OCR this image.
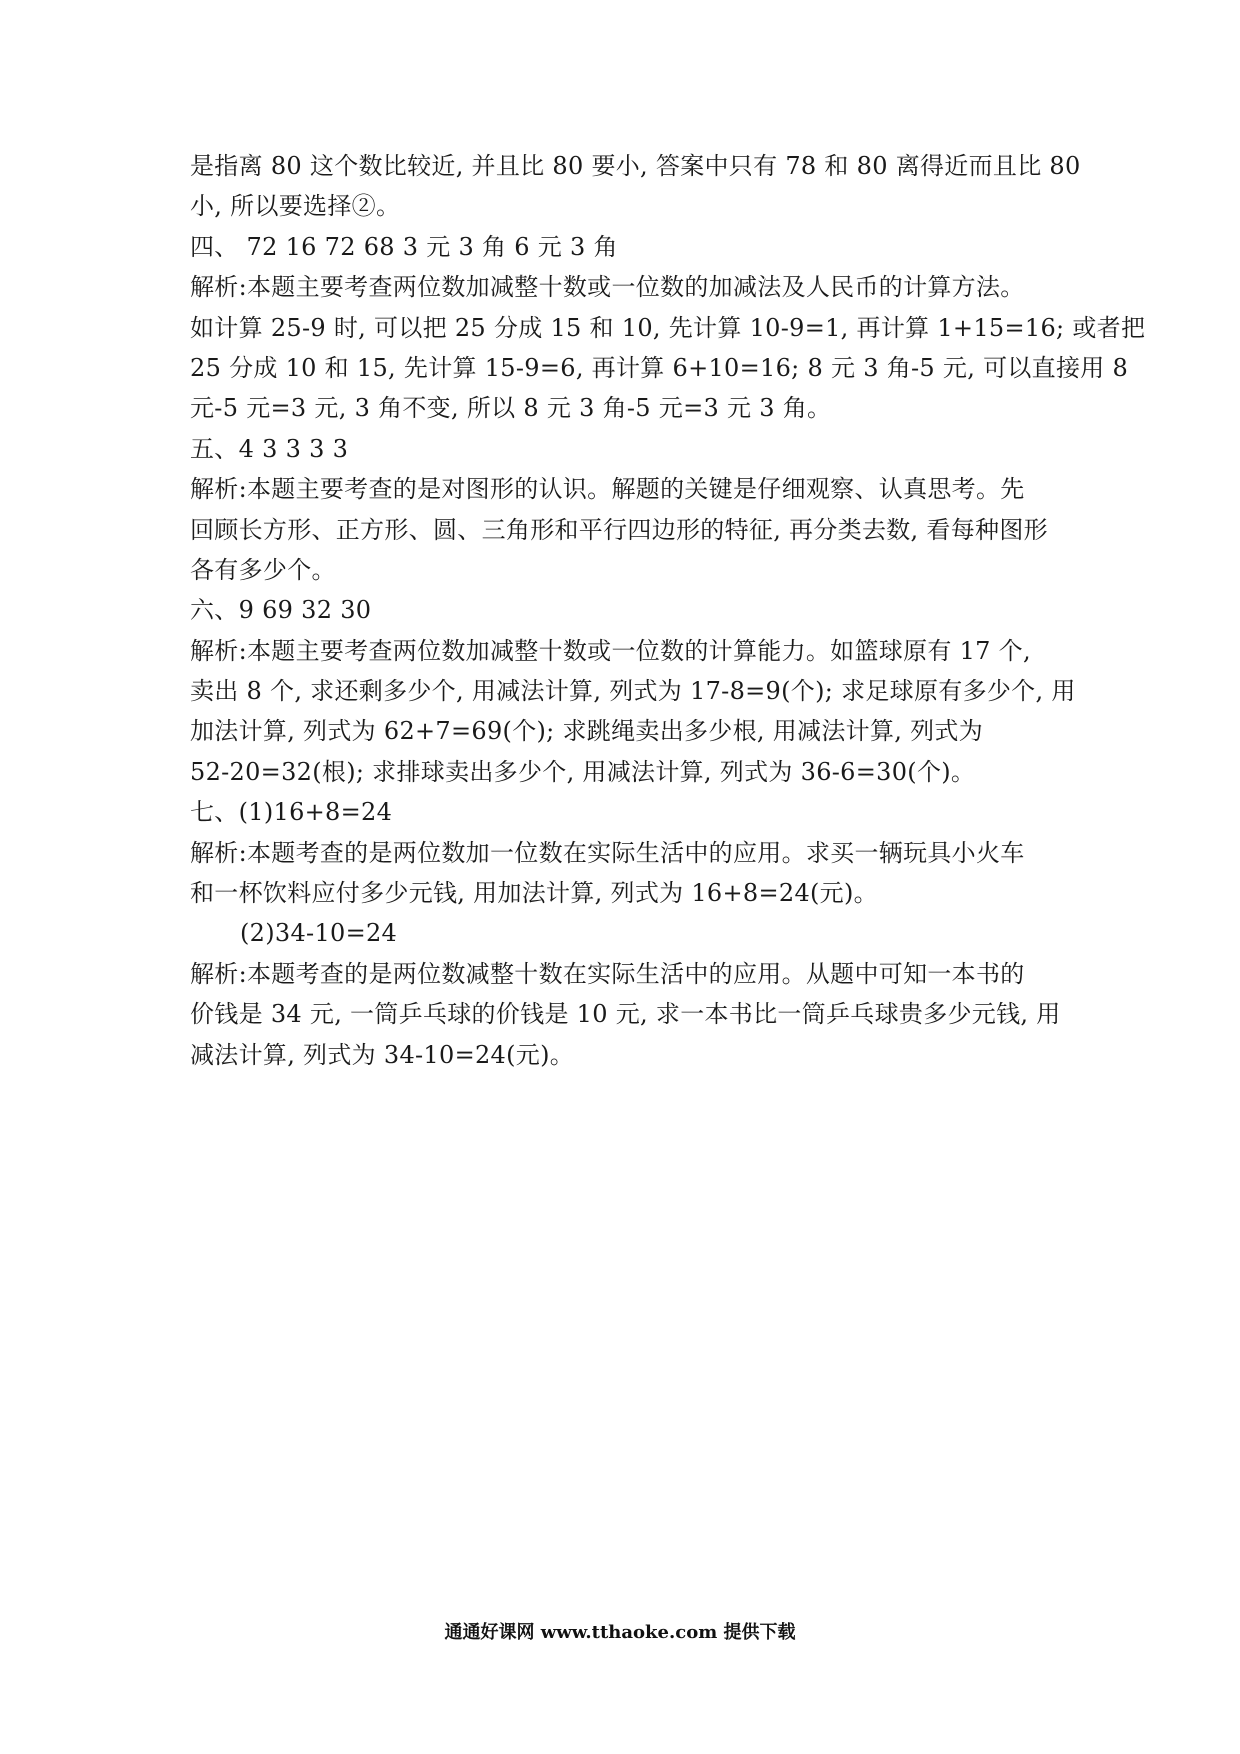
是指离 80 这个数比较近, 并且比 80 要小, 答案中只有 78 和 80 离得近而且比 80
小, 所以要选择②。
四、 72 16 72 68 3 元 3 角 6 元 3 角
解析:本题主要考查两位数加减整十数或一位数的加减法及人民币的计算方法。
如计算 25-9 时, 可以把 25 分成 15 和 10, 先计算 10-9=1, 再计算 1+15=16; 或者把
25 分成 10 和 15, 先计算 15-9=6, 再计算 6+10=16; 8 元 3 角-5 元, 可以直接用 8
元-5 元=3 元, 3 角不变, 所以 8 元 3 角-5 元=3 元 3 角。
五、4 3 3 3 3
解析:本题主要考查的是对图形的认识。解题的关键是仔细观察、认真思考。先
回顾长方形、正方形、圆、三角形和平行四边形的特征, 再分类去数, 看每种图形
各有多少个。
六、9 69 32 30
解析:本题主要考查两位数加减整十数或一位数的计算能力。如篮球原有 17 个,
卖出 8 个, 求还剩多少个, 用减法计算, 列式为 17-8=9(个); 求足球原有多少个, 用
加法计算, 列式为 62+7=69(个); 求跳绳卖出多少根, 用减法计算, 列式为
52-20=32(根); 求排球卖出多少个, 用减法计算, 列式为 36-6=30(个)。
七、(1)16+8=24
解析:本题考查的是两位数加一位数在实际生活中的应用。求买一辆玩具小火车
和一杯饮料应付多少元钱, 用加法计算, 列式为 16+8=24(元)。
(2)34-10=24
解析:本题考查的是两位数减整十数在实际生活中的应用。从题中可知一本书的
价钱是 34 元, 一筒乒乓球的价钱是 10 元, 求一本书比一筒乒乓球贵多少元钱, 用
减法计算, 列式为 34-10=24(元)。
通通好课网 www.tthaoke.com 提供下载
